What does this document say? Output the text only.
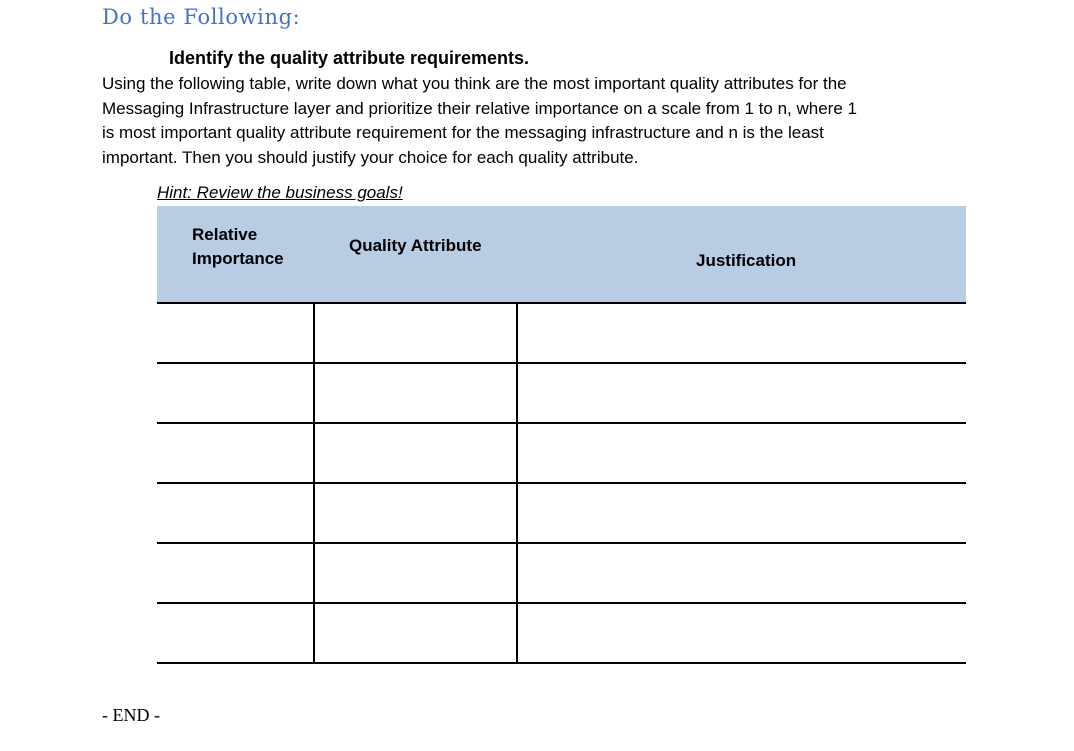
Do the Following:
Identify the quality attribute requirements.

Using the following table, write down what you think are the most important quality attributes for the
Messaging Infrastructure layer and prioritize their relative importance on a scale from 1 to n, where 1
is most important quality attribute requirement for the messaging infrastructure and n is the least
important. Then you should justify your choice for each quality attribute.

Hint: Review the business goals!

Relative
Importance	Quality Attribute	Justification

- END -
